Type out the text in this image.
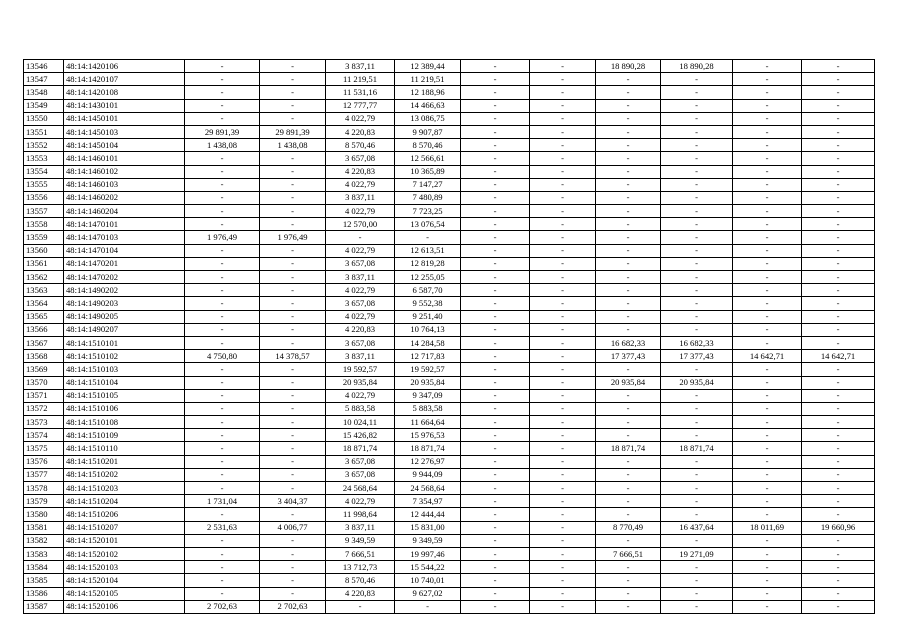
13546	48:14:1420106	-	-	3 837,11	12 389,44	-	-	18 890,28	18 890,28	-	-
13547	48:14:1420107	-	-	11 219,51	11 219,51	-	-	-	-	-	-
13548	48:14:1420108	-	-	11 531,16	12 188,96	-	-	-	-	-	-
13549	48:14:1430101	-	-	12 777,77	14 466,63	-	-	-	-	-	-
13550	48:14:1450101	-	-	4 022,79	13 086,75	-	-	-	-	-	-
13551	48:14:1450103	29 891,39	29 891,39	4 220,83	9 907,87	-	-	-	-	-	-
13552	48:14:1450104	1 438,08	1 438,08	8 570,46	8 570,46	-	-	-	-	-	-
13553	48:14:1460101	-	-	3 657,08	12 566,61	-	-	-	-	-	-
13554	48:14:1460102	-	-	4 220,83	10 365,89	-	-	-	-	-	-
13555	48:14:1460103	-	-	4 022,79	7 147,27	-	-	-	-	-	-
13556	48:14:1460202	-	-	3 837,11	7 480,89	-	-	-	-	-	-
13557	48:14:1460204	-	-	4 022,79	7 723,25	-	-	-	-	-	-
13558	48:14:1470101	-	-	12 570,00	13 076,54	-	-	-	-	-	-
13559	48:14:1470103	1 976,49	1 976,49	-	-	-	-	-	-	-	-
13560	48:14:1470104	-	-	4 022,79	12 613,51	-	-	-	-	-	-
13561	48:14:1470201	-	-	3 657,08	12 819,28	-	-	-	-	-	-
13562	48:14:1470202	-	-	3 837,11	12 255,05	-	-	-	-	-	-
13563	48:14:1490202	-	-	4 022,79	6 587,70	-	-	-	-	-	-
13564	48:14:1490203	-	-	3 657,08	9 552,38	-	-	-	-	-	-
13565	48:14:1490205	-	-	4 022,79	9 251,40	-	-	-	-	-	-
13566	48:14:1490207	-	-	4 220,83	10 764,13	-	-	-	-	-	-
13567	48:14:1510101	-	-	3 657,08	14 284,58	-	-	16 682,33	16 682,33	-	-
13568	48:14:1510102	4 750,80	14 378,57	3 837,11	12 717,83	-	-	17 377,43	17 377,43	14 642,71	14 642,71
13569	48:14:1510103	-	-	19 592,57	19 592,57	-	-	-	-	-	-
13570	48:14:1510104	-	-	20 935,84	20 935,84	-	-	20 935,84	20 935,84	-	-
13571	48:14:1510105	-	-	4 022,79	9 347,09	-	-	-	-	-	-
13572	48:14:1510106	-	-	5 883,58	5 883,58	-	-	-	-	-	-
13573	48:14:1510108	-	-	10 024,11	11 664,64	-	-	-	-	-	-
13574	48:14:1510109	-	-	15 426,82	15 976,53	-	-	-	-	-	-
13575	48:14:1510110	-	-	18 871,74	18 871,74	-	-	18 871,74	18 871,74	-	-
13576	48:14:1510201	-	-	3 657,08	12 276,97	-	-	-	-	-	-
13577	48:14:1510202	-	-	3 657,08	9 944,09	-	-	-	-	-	-
13578	48:14:1510203	-	-	24 568,64	24 568,64	-	-	-	-	-	-
13579	48:14:1510204	1 731,04	3 404,37	4 022,79	7 354,97	-	-	-	-	-	-
13580	48:14:1510206	-	-	11 998,64	12 444,44	-	-	-	-	-	-
13581	48:14:1510207	2 531,63	4 006,77	3 837,11	15 831,00	-	-	8 770,49	16 437,64	18 011,69	19 660,96
13582	48:14:1520101	-	-	9 349,59	9 349,59	-	-	-	-	-	-
13583	48:14:1520102	-	-	7 666,51	19 997,46	-	-	7 666,51	19 271,09	-	-
13584	48:14:1520103	-	-	13 712,73	15 544,22	-	-	-	-	-	-
13585	48:14:1520104	-	-	8 570,46	10 740,01	-	-	-	-	-	-
13586	48:14:1520105	-	-	4 220,83	9 627,02	-	-	-	-	-	-
13587	48:14:1520106	2 702,63	2 702,63	-	-	-	-	-	-	-	-
